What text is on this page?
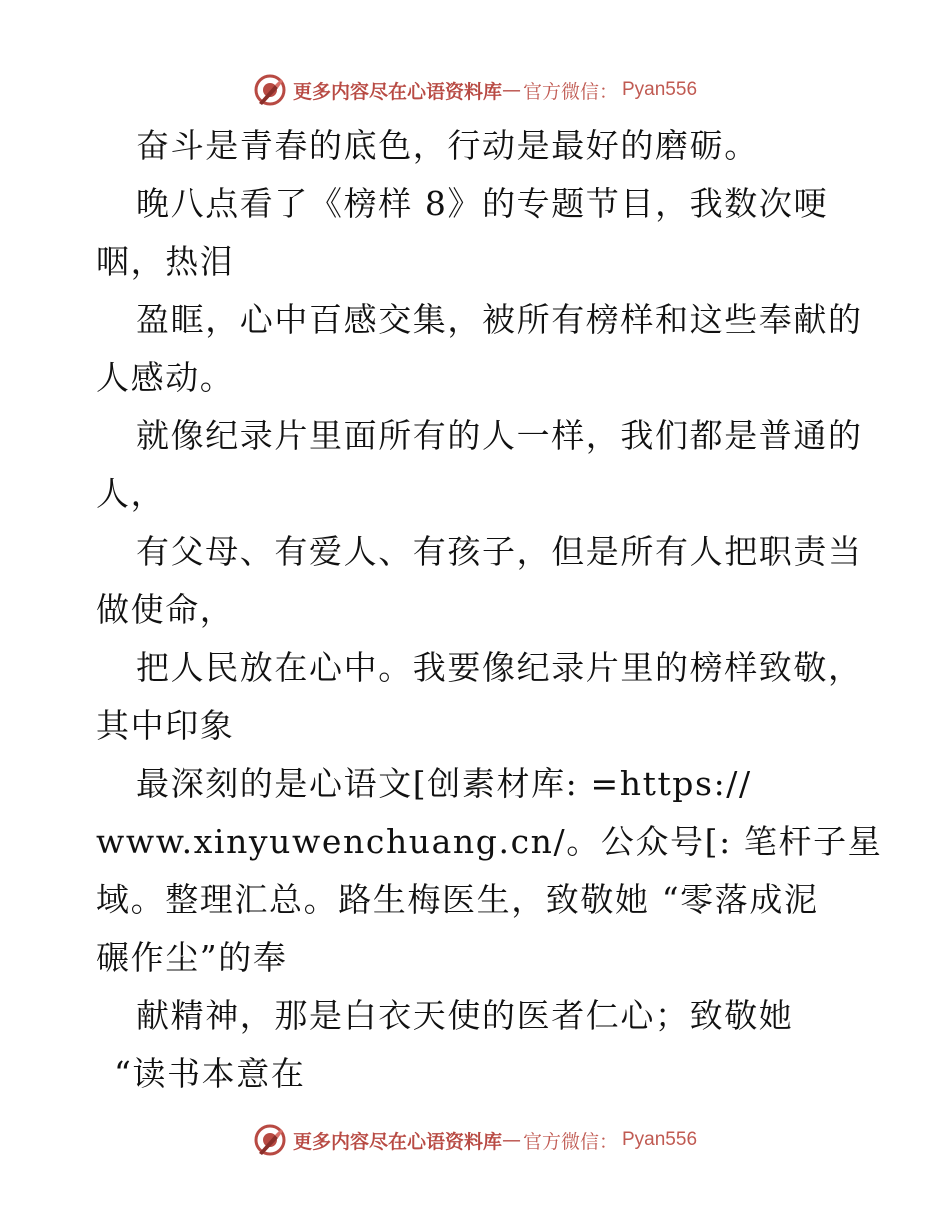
更多内容尽在心语资料库 — 官方微信： Pyan556
奋斗是青春的底色，行动是最好的磨砺。
晚八点看了《榜样 8》的专题节目，我数次哽
咽，热泪
盈眶，心中百感交集，被所有榜样和这些奉献的
人感动。
就像纪录片里面所有的人一样，我们都是普通的
人，
有父母、有爱人、有孩子，但是所有人把职责当
做使命，
把人民放在心中。我要像纪录片里的榜样致敬，
其中印象
最深刻的是心语文[创素材库: =https://
www.xinyuwenchuang.cn/。公众号[: 笔杆子星
域。整理汇总。路生梅医生，致敬她 “零落成泥
碾作尘”的奉
献精神，那是白衣天使的医者仁心；致敬她
“读书本意在
更多内容尽在心语资料库 — 官方微信： Pyan556
